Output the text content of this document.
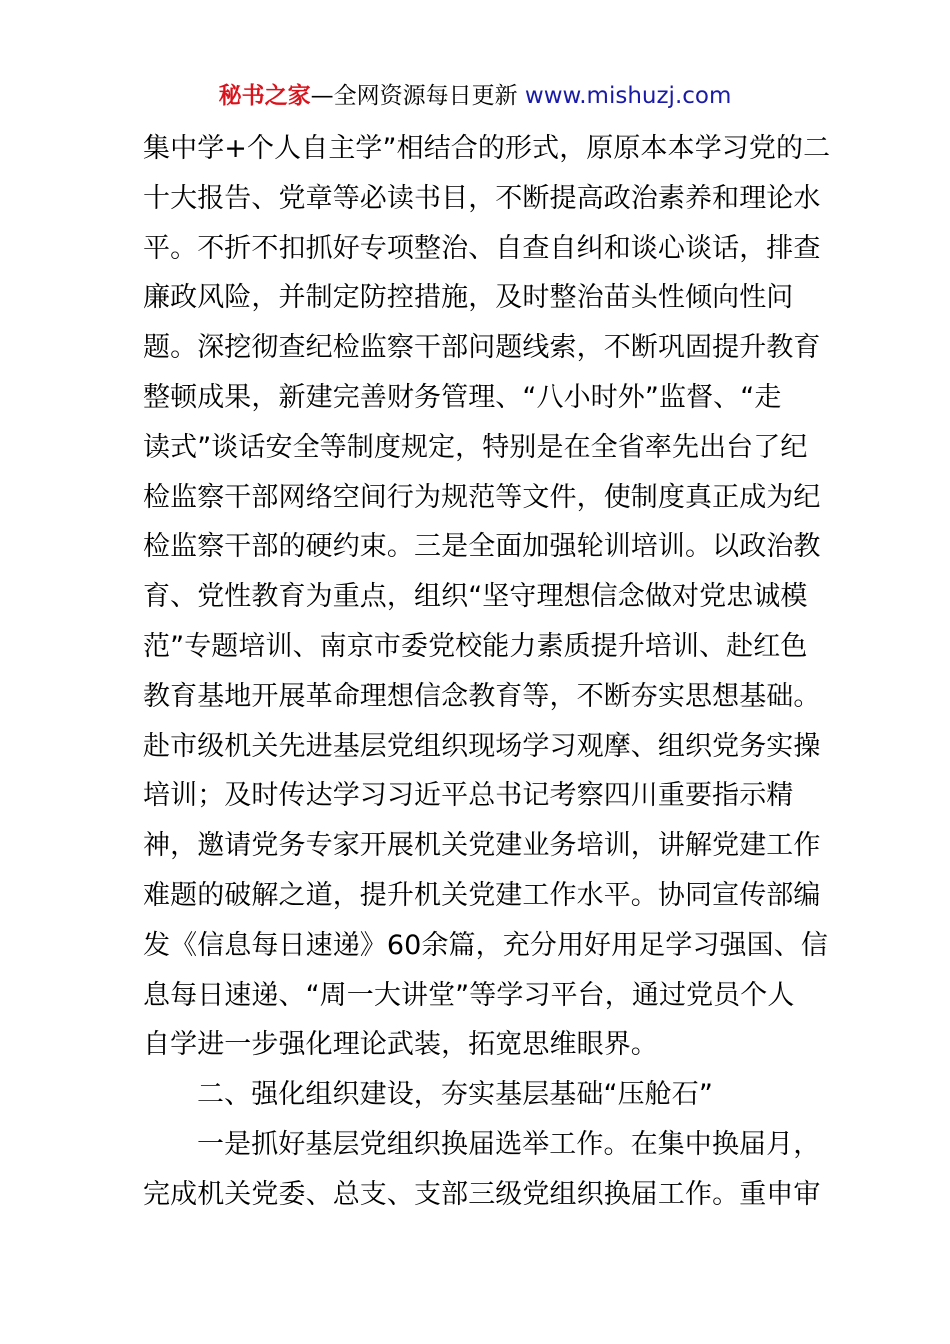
秘书之家—全网资源每日更新 www.mishuzj.com
集中学+个人自主学”相结合的形式，原原本本学习党的二
十大报告、党章等必读书目，不断提高政治素养和理论水
平。不折不扣抓好专项整治、自查自纠和谈心谈话，排查
廉政风险，并制定防控措施，及时整治苗头性倾向性问
题。深挖彻查纪检监察干部问题线索，不断巩固提升教育
整顿成果，新建完善财务管理、“八小时外”监督、“走
读式”谈话安全等制度规定，特别是在全省率先出台了纪
检监察干部网络空间行为规范等文件，使制度真正成为纪
检监察干部的硬约束。三是全面加强轮训培训。以政治教
育、党性教育为重点，组织“坚守理想信念做对党忠诚模
范”专题培训、南京市委党校能力素质提升培训、赴红色
教育基地开展革命理想信念教育等，不断夯实思想基础。
赴市级机关先进基层党组织现场学习观摩、组织党务实操
培训；及时传达学习习近平总书记考察四川重要指示精
神，邀请党务专家开展机关党建业务培训，讲解党建工作
难题的破解之道，提升机关党建工作水平。协同宣传部编
发《信息每日速递》60余篇，充分用好用足学习强国、信
息每日速递、“周一大讲堂”等学习平台，通过党员个人
自学进一步强化理论武装，拓宽思维眼界。
二、强化组织建设，夯实基层基础“压舱石”
一是抓好基层党组织换届选举工作。在集中换届月，
完成机关党委、总支、支部三级党组织换届工作。重申审
